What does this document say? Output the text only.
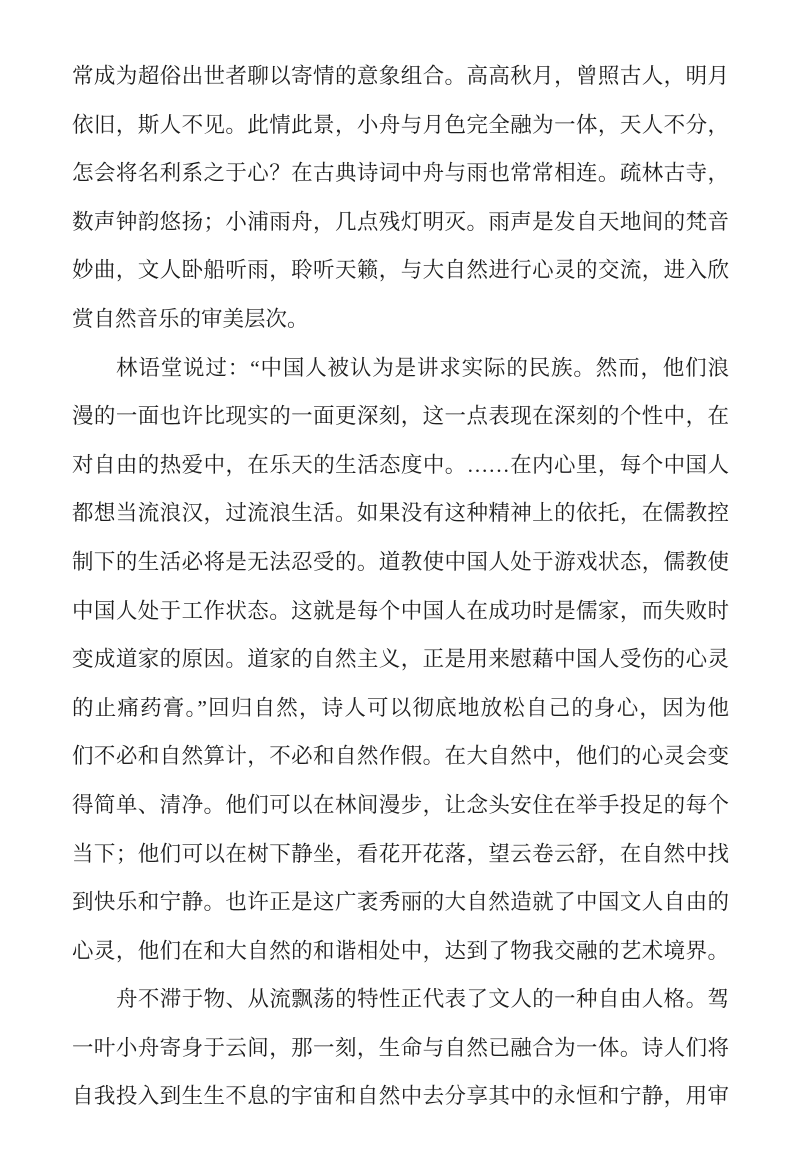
常成为超俗出世者聊以寄情的意象组合。高高秋月，曾照古人，明月
依旧，斯人不见。此情此景，小舟与月色完全融为一体，天人不分，
怎会将名利系之于心？在古典诗词中舟与雨也常常相连。疏林古寺，
数声钟韵悠扬；小浦雨舟，几点残灯明灭。雨声是发自天地间的梵音
妙曲，文人卧船听雨，聆听天籁，与大自然进行心灵的交流，进入欣
赏自然音乐的审美层次。
林语堂说过：“中国人被认为是讲求实际的民族。然而，他们浪
漫的一面也许比现实的一面更深刻，这一点表现在深刻的个性中，在
对自由的热爱中，在乐天的生活态度中。……在内心里，每个中国人
都想当流浪汉，过流浪生活。如果没有这种精神上的依托，在儒教控
制下的生活必将是无法忍受的。道教使中国人处于游戏状态，儒教使
中国人处于工作状态。这就是每个中国人在成功时是儒家，而失败时
变成道家的原因。道家的自然主义，正是用来慰藉中国人受伤的心灵
的止痛药膏。”回归自然，诗人可以彻底地放松自己的身心，因为他
们不必和自然算计，不必和自然作假。在大自然中，他们的心灵会变
得简单、清净。他们可以在林间漫步，让念头安住在举手投足的每个
当下；他们可以在树下静坐，看花开花落，望云卷云舒，在自然中找
到快乐和宁静。也许正是这广袤秀丽的大自然造就了中国文人自由的
心灵，他们在和大自然的和谐相处中，达到了物我交融的艺术境界。
舟不滞于物、从流飘荡的特性正代表了文人的一种自由人格。驾
一叶小舟寄身于云间，那一刻，生命与自然已融合为一体。诗人们将
自我投入到生生不息的宇宙和自然中去分享其中的永恒和宁静，用审
